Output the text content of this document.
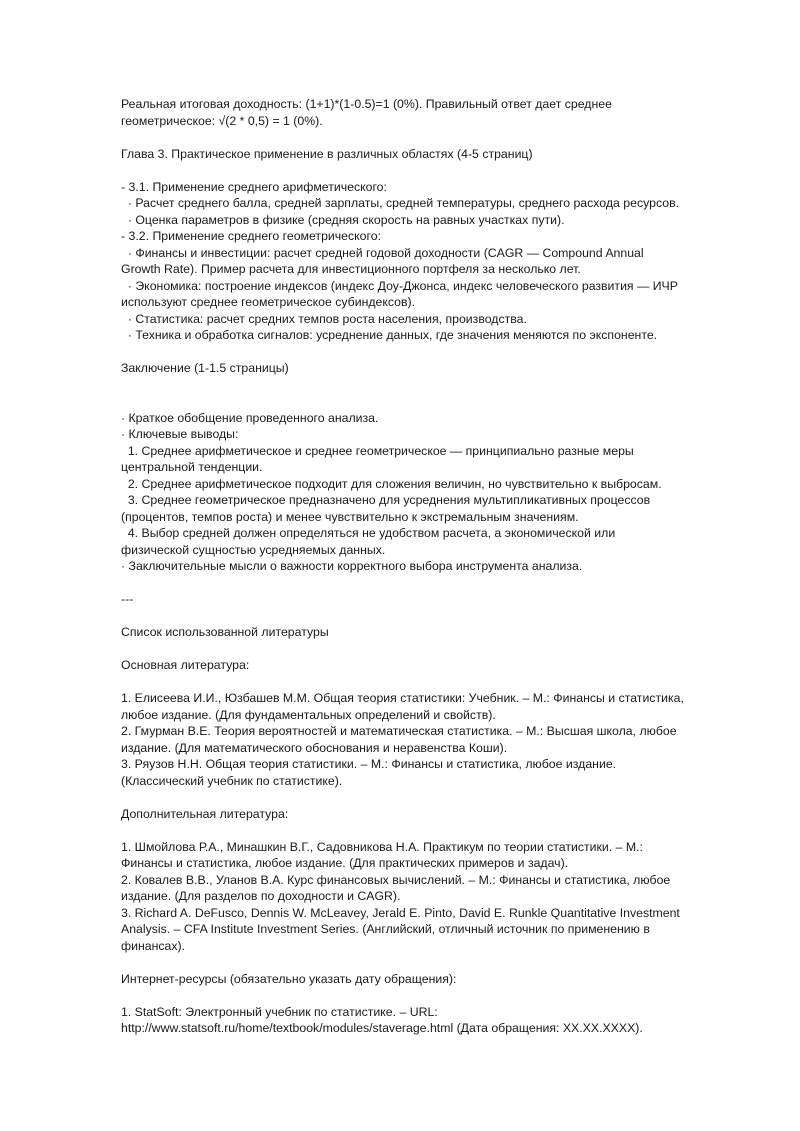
Реальная итоговая доходность: (1+1)*(1-0.5)=1 (0%). Правильный ответ дает среднее
геометрическое: √(2 * 0,5) = 1 (0%).
Глава 3. Практическое применение в различных областях (4-5 страниц)
- 3.1. Применение среднего арифметического:
· Расчет среднего балла, средней зарплаты, средней температуры, среднего расхода ресурсов.
· Оценка параметров в физике (средняя скорость на равных участках пути).
- 3.2. Применение среднего геометрического:
· Финансы и инвестиции: расчет средней годовой доходности (CAGR — Compound Annual
Growth Rate). Пример расчета для инвестиционного портфеля за несколько лет.
· Экономика: построение индексов (индекс Доу-Джонса, индекс человеческого развития — ИЧР
используют среднее геометрическое субиндексов).
· Статистика: расчет средних темпов роста населения, производства.
· Техника и обработка сигналов: усреднение данных, где значения меняются по экспоненте.
Заключение (1-1.5 страницы)
· Краткое обобщение проведенного анализа.
· Ключевые выводы:
1. Среднее арифметическое и среднее геометрическое — принципиально разные меры
центральной тенденции.
2. Среднее арифметическое подходит для сложения величин, но чувствительно к выбросам.
3. Среднее геометрическое предназначено для усреднения мультипликативных процессов
(процентов, темпов роста) и менее чувствительно к экстремальным значениям.
4. Выбор средней должен определяться не удобством расчета, а экономической или
физической сущностью усредняемых данных.
· Заключительные мысли о важности корректного выбора инструмента анализа.
---
Список использованной литературы
Основная литература:
1. Елисеева И.И., Юзбашев М.М. Общая теория статистики: Учебник. – М.: Финансы и статистика,
любое издание. (Для фундаментальных определений и свойств).
2. Гмурман В.Е. Теория вероятностей и математическая статистика. – М.: Высшая школа, любое
издание. (Для математического обоснования и неравенства Коши).
3. Ряузов Н.Н. Общая теория статистики. – М.: Финансы и статистика, любое издание.
(Классический учебник по статистике).
Дополнительная литература:
1. Шмойлова Р.А., Минашкин В.Г., Садовникова Н.А. Практикум по теории статистики. – М.:
Финансы и статистика, любое издание. (Для практических примеров и задач).
2. Ковалев В.В., Уланов В.А. Курс финансовых вычислений. – М.: Финансы и статистика, любое
издание. (Для разделов по доходности и CAGR).
3. Richard A. DeFusco, Dennis W. McLeavey, Jerald E. Pinto, David E. Runkle Quantitative Investment
Analysis. – CFA Institute Investment Series. (Английский, отличный источник по применению в
финансах).
Интернет-ресурсы (обязательно указать дату обращения):
1. StatSoft: Электронный учебник по статистике. – URL:
http://www.statsoft.ru/home/textbook/modules/staverage.html (Дата обращения: XX.XX.XXXX).
